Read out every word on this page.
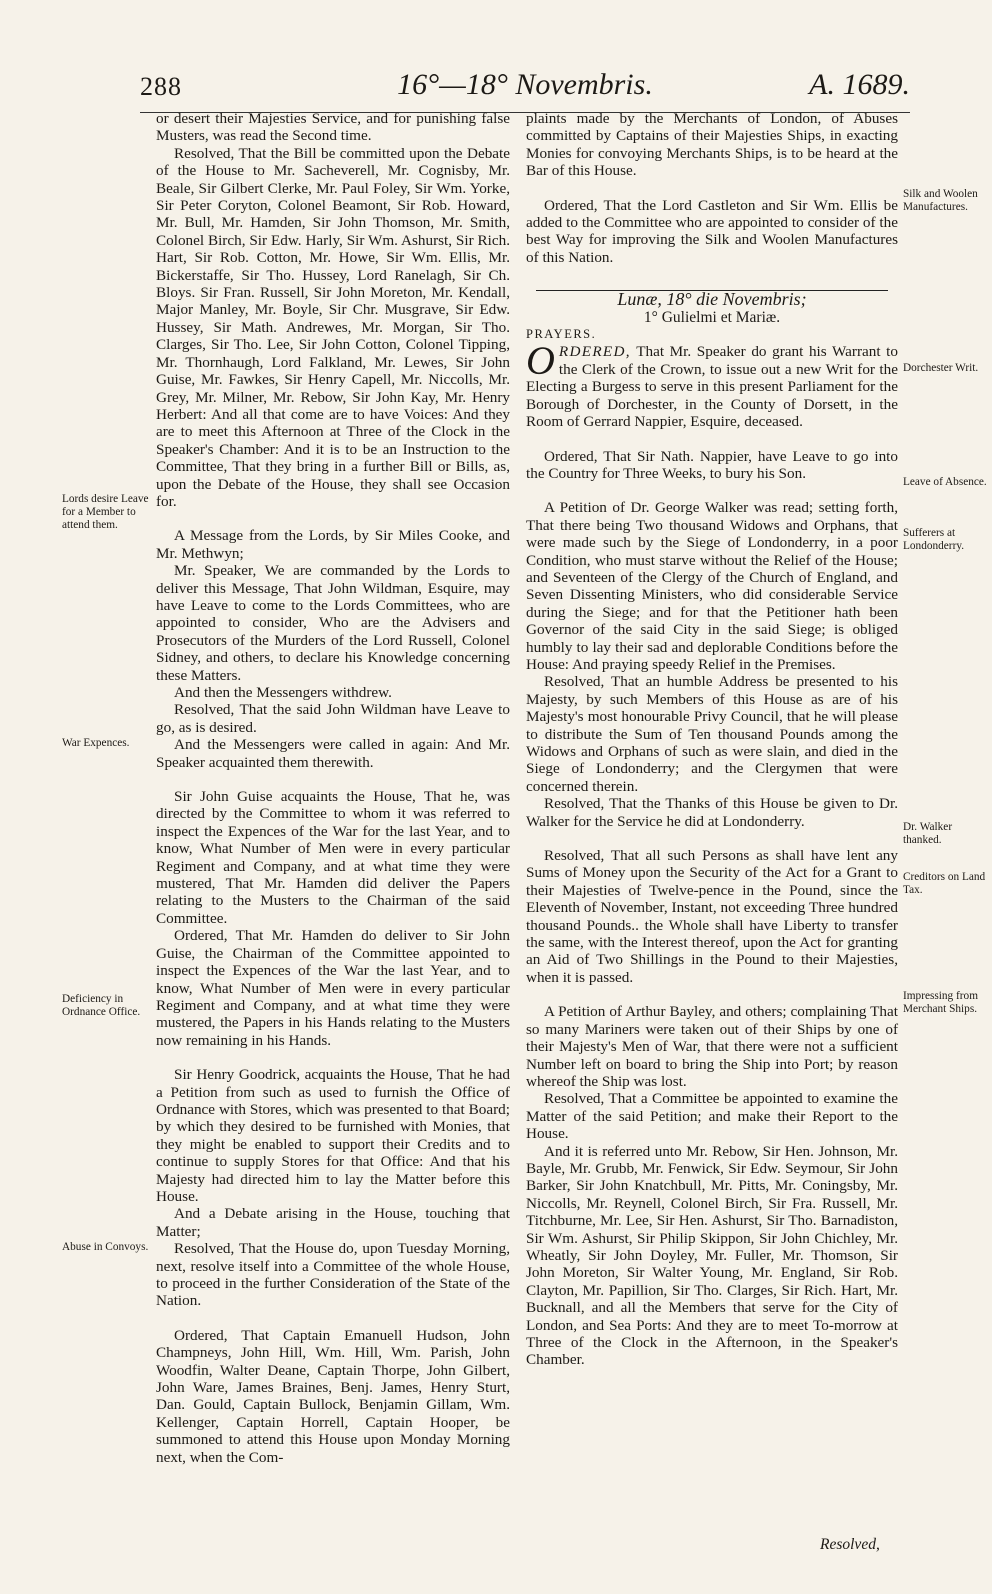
288	16°—18° Novembris.	A. 1689.

or desert their Majesties Service, and for punishing false Musters, was read the Second time.

Resolved, That the Bill be committed upon the Debate of the House to Mr. Sacheverell, Mr. Cognisby, Mr. Beale, Sir Gilbert Clerke, Mr. Paul Foley, Sir Wm. Yorke, Sir Peter Coryton, Colonel Beamont, Sir Rob. Howard, Mr. Bull, Mr. Hamden, Sir John Thomson, Mr. Smith, Colonel Birch, Sir Edw. Harly, Sir Wm. Ashurst, Sir Rich. Hart, Sir Rob. Cotton, Mr. Howe, Sir Wm. Ellis, Mr. Bickerstaffe, Sir Tho. Hussey, Lord Ranelagh, Sir Ch. Bloys. Sir Fran. Russell, Sir John Moreton, Mr. Kendall, Major Manley, Mr. Boyle, Sir Chr. Musgrave, Sir Edw. Hussey, Sir Math. Andrewes, Mr. Morgan, Sir Tho. Clarges, Sir Tho. Lee, Sir John Cotton, Colonel Tipping, Mr. Thornhaugh, Lord Falkland, Mr. Lewes, Sir John Guise, Mr. Fawkes, Sir Henry Capell, Mr. Niccolls, Mr. Grey, Mr. Milner, Mr. Rebow, Sir John Kay, Mr. Henry Herbert: And all that come are to have Voices: And they are to meet this Afternoon at Three of the Clock in the Speaker's Chamber: And it is to be an Instruction to the Committee, That they bring in a further Bill or Bills, as, upon the Debate of the House, they shall see Occasion for.

A Message from the Lords, by Sir Miles Cooke, and Mr. Methwyn;

Mr. Speaker, We are commanded by the Lords to deliver this Message, That John Wildman, Esquire, may have Leave to come to the Lords Committees, who are appointed to consider, Who are the Advisers and Prosecutors of the Murders of the Lord Russell, Colonel Sidney, and others, to declare his Knowledge concerning these Matters.

And then the Messengers withdrew.

Resolved, That the said John Wildman have Leave to go, as is desired.

And the Messengers were called in again: And Mr. Speaker acquainted them therewith.

Sir John Guise acquaints the House, That he, was directed by the Committee to whom it was referred to inspect the Expences of the War for the last Year, and to know, What Number of Men were in every particular Regiment and Company, and at what time they were mustered, That Mr. Hamden did deliver the Papers relating to the Musters to the Chairman of the said Committee.

Ordered, That Mr. Hamden do deliver to Sir John Guise, the Chairman of the Committee appointed to inspect the Expences of the War the last Year, and to know, What Number of Men were in every particular Regiment and Company, and at what time they were mustered, the Papers in his Hands relating to the Musters now remaining in his Hands.

Sir Henry Goodrick, acquaints the House, That he had a Petition from such as used to furnish the Office of Ordnance with Stores, which was presented to that Board; by which they desired to be furnished with Monies, that they might be enabled to support their Credits and to continue to supply Stores for that Office: And that his Majesty had directed him to lay the Matter before this House.

And a Debate arising in the House, touching that Matter;

Resolved, That the House do, upon Tuesday Morning, next, resolve itself into a Committee of the whole House, to proceed in the further Consideration of the State of the Nation.

Ordered, That Captain Emanuell Hudson, John Champneys, John Hill, Wm. Hill, Wm. Parish, John Woodfin, Walter Deane, Captain Thorpe, John Gilbert, John Ware, James Braines, Benj. James, Henry Sturt, Dan. Gould, Captain Bullock, Benjamin Gillam, Wm. Kellenger, Captain Horrell, Captain Hooper, be summoned to attend this House upon Monday Morning next, when the Com-

plaints made by the Merchants of London, of Abuses committed by Captains of their Majesties Ships, in exacting Monies for convoying Merchants Ships, is to be heard at the Bar of this House.

Ordered, That the Lord Castleton and Sir Wm. Ellis be added to the Committee who are appointed to consider of the best Way for improving the Silk and Woolen Manufactures of this Nation.

Lunæ, 18° die Novembris;

1° Gulielmi et Mariæ.

PRAYERS.

ORDERED, That Mr. Speaker do grant his Warrant to the Clerk of the Crown, to issue out a new Writ for the Electing a Burgess to serve in this present Parliament for the Borough of Dorchester, in the County of Dorsett, in the Room of Gerrard Nappier, Esquire, deceased.

Ordered, That Sir Nath. Nappier, have Leave to go into the Country for Three Weeks, to bury his Son.

A Petition of Dr. George Walker was read; setting forth, That there being Two thousand Widows and Orphans, that were made such by the Siege of Londonderry, in a poor Condition, who must starve without the Relief of the House; and Seventeen of the Clergy of the Church of England, and Seven Dissenting Ministers, who did considerable Service during the Siege; and for that the Petitioner hath been Governor of the said City in the said Siege; is obliged humbly to lay their sad and deplorable Conditions before the House: And praying speedy Relief in the Premises.

Resolved, That an humble Address be presented to his Majesty, by such Members of this House as are of his Majesty's most honourable Privy Council, that he will please to distribute the Sum of Ten thousand Pounds among the Widows and Orphans of such as were slain, and died in the Siege of Londonderry; and the Clergymen that were concerned therein.

Resolved, That the Thanks of this House be given to Dr. Walker for the Service he did at Londonderry.

Resolved, That all such Persons as shall have lent any Sums of Money upon the Security of the Act for a Grant to their Majesties of Twelve-pence in the Pound, since the Eleventh of November, Instant, not exceeding Three hundred thousand Pounds.. the Whole shall have Liberty to transfer the same, with the Interest thereof, upon the Act for granting an Aid of Two Shillings in the Pound to their Majesties, when it is passed.

A Petition of Arthur Bayley, and others; complaining That so many Mariners were taken out of their Ships by one of their Majesty's Men of War, that there were not a sufficient Number left on board to bring the Ship into Port; by reason whereof the Ship was lost.

Resolved, That a Committee be appointed to examine the Matter of the said Petition; and make their Report to the House.

And it is referred unto Mr. Rebow, Sir Hen. Johnson, Mr. Bayle, Mr. Grubb, Mr. Fenwick, Sir Edw. Seymour, Sir John Barker, Sir John Knatchbull, Mr. Pitts, Mr. Coningsby, Mr. Niccolls, Mr. Reynell, Colonel Birch, Sir Fra. Russell, Mr. Titchburne, Mr. Lee, Sir Hen. Ashurst, Sir Tho. Barnadiston, Sir Wm. Ashurst, Sir Philip Skippon, Sir John Chichley, Mr. Wheatly, Sir John Doyley, Mr. Fuller, Mr. Thomson, Sir John Moreton, Sir Walter Young, Mr. England, Sir Rob. Clayton, Mr. Papillion, Sir Tho. Clarges, Sir Rich. Hart, Mr. Bucknall, and all the Members that serve for the City of London, and Sea Ports: And they are to meet To-morrow at Three of the Clock in the Afternoon, in the Speaker's Chamber.

Lords desire Leave for a Member to attend them.
War Expences.
Deficiency in Ordnance Office.
Abuse in Convoys.
Silk and Woolen Manufactures.
Dorchester Writ.
Leave of Absence.
Sufferers at Londonderry.
Dr. Walker thanked.
Creditors on Land Tax.
Impressing from Merchant Ships.
Resolved,
